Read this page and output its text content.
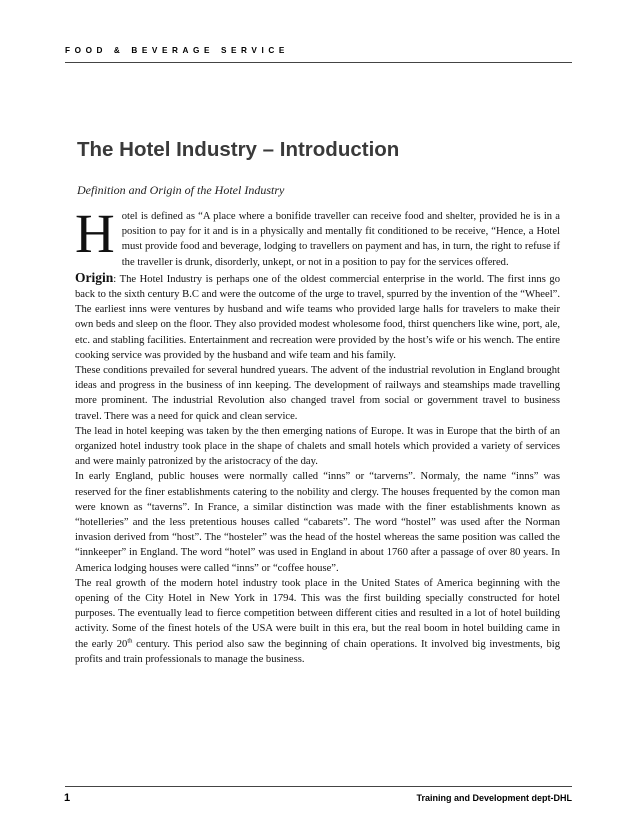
FOOD & BEVERAGE SERVICE
The Hotel Industry – Introduction

Definition and Origin of the Hotel Industry

Hotel is defined as “A place where a bonifide traveller can receive food and shelter, provided he is in a position to pay for it and is in a physically and mentally fit conditioned to be receive, “Hence, a Hotel must provide food and beverage, lodging to travellers on payment and has, in turn, the right to refuse if the traveller is drunk, disorderly, unkept, or not in a position to pay for the services offered.

Origin: The Hotel Industry is perhaps one of the oldest commercial enterprise in the world. The first inns go back to the sixth century B.C and were the outcome of the urge to travel, spurred by the invention of the “Wheel”. The earliest inns were ventures by husband and wife teams who provided large halls for travelers to make their own beds and sleep on the floor. They also provided modest wholesome food, thirst quenchers like wine, port, ale, etc. and stabling facilities. Entertainment and recreation were provided by the host’s wife or his wench. The entire cooking service was provided by the husband and wife team and his family.

These conditions prevailed for several hundred yuears. The advent of the industrial revolution in England brought ideas and progress in the business of inn keeping. The development of railways and steamships made travelling more prominent. The industrial Revolution also changed travel from social or government travel to business travel. There was a need for quick and clean service.

The lead in hotel keeping was taken by the then emerging nations of Europe. It was in Europe that the birth of an organized hotel industry took place in the shape of chalets and small hotels which provided a variety of services and were mainly patronized by the aristocracy of the day.

In early England, public houses were normally called “inns” or “tarverns”. Normaly, the name “inns” was reserved for the finer establishments catering to the nobility and clergy. The houses frequented by the comon man were known as “taverns”. In France, a similar distinction was made with the finer establishments known as “hotelleries” and the less pretentious houses called “cabarets”. The word “hostel” was used after the Norman invasion derived from “host”. The “hosteler” was the head of the hostel whereas the same position was called the “innkeeper” in England. The word “hotel” was used in England in about 1760 after a passage of over 80 years. In America lodging houses were called “inns” or “coffee house”.

The real growth of the modern hotel industry took place in the United States of America beginning with the opening of the City Hotel in New York in 1794. This was the first building specially constructed for hotel purposes. The eventually lead to fierce competition between different cities and resulted in a lot of hotel building activity. Some of the finest hotels of the USA were built in this era, but the real boom in hotel building came in the early 20th century. This period also saw the beginning of chain operations. It involved big investments, big profits and train professionals to manage the business.

1	Training and Development dept-DHL
